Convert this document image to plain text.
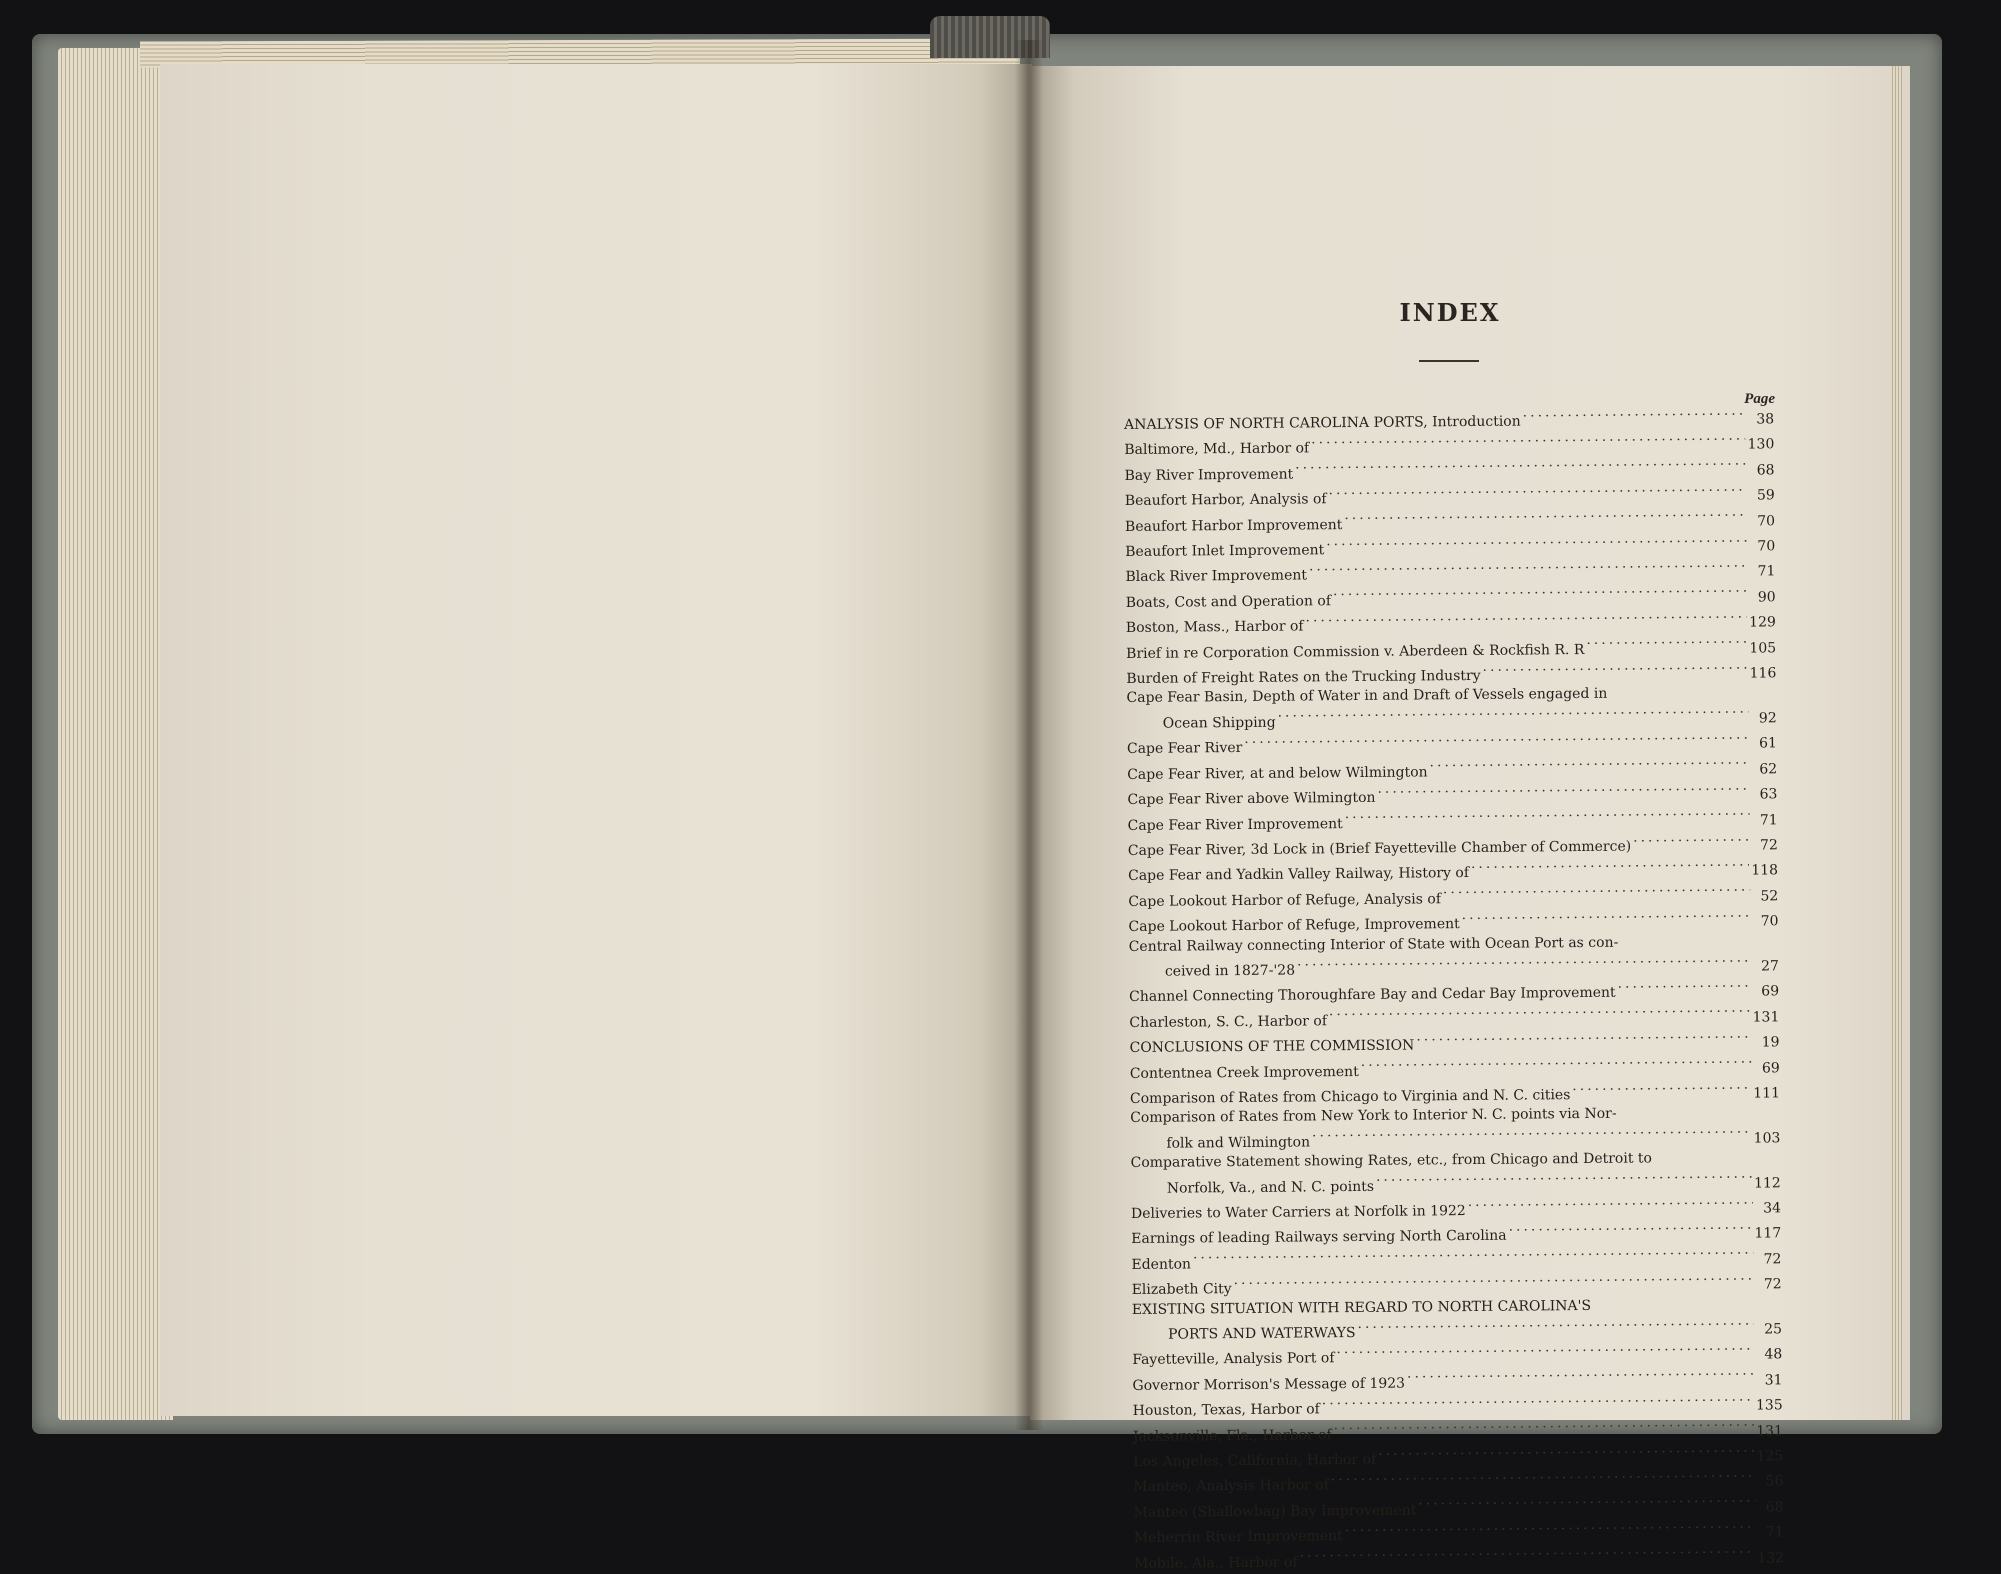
INDEX
Page
ANALYSIS OF NORTH CAROLINA PORTS, Introduction .....	38
Baltimore, Md., Harbor of .....	130
Bay River Improvement .....	68
Beaufort Harbor, Analysis of .....	59
Beaufort Harbor Improvement .....	70
Beaufort Inlet Improvement .....	70
Black River Improvement .....	71
Boats, Cost and Operation of .....	90
Boston, Mass., Harbor of .....	129
Brief in re Corporation Commission v. Aberdeen & Rockfish R. R .....	105
Burden of Freight Rates on the Trucking Industry .....	116
Cape Fear Basin, Depth of Water in and Draft of Vessels engaged in
Ocean Shipping .....	92
Cape Fear River .....	61
Cape Fear River, at and below Wilmington .....	62
Cape Fear River above Wilmington .....	63
Cape Fear River Improvement .....	71
Cape Fear River, 3d Lock in (Brief Fayetteville Chamber of Commerce) .....	72
Cape Fear and Yadkin Valley Railway, History of .....	118
Cape Lookout Harbor of Refuge, Analysis of .....	52
Cape Lookout Harbor of Refuge, Improvement .....	70
Central Railway connecting Interior of State with Ocean Port as con-
ceived in 1827-'28 .....	27
Channel Connecting Thoroughfare Bay and Cedar Bay Improvement .....	69
Charleston, S. C., Harbor of .....	131
CONCLUSIONS OF THE COMMISSION .....	19
Contentnea Creek Improvement .....	69
Comparison of Rates from Chicago to Virginia and N. C. cities .....	111
Comparison of Rates from New York to Interior N. C. points via Nor-
folk and Wilmington .....	103
Comparative Statement showing Rates, etc., from Chicago and Detroit to
Norfolk, Va., and N. C. points .....	112
Deliveries to Water Carriers at Norfolk in 1922 .....	34
Earnings of leading Railways serving North Carolina .....	117
Edenton .....	72
Elizabeth City .....	72
EXISTING SITUATION WITH REGARD TO NORTH CAROLINA'S
PORTS AND WATERWAYS .....	25
Fayetteville, Analysis Port of .....	48
Governor Morrison's Message of 1923 .....	31
Houston, Texas, Harbor of .....	135
Jacksonville, Fla., Harbor of .....	131
Los Angeles, California, Harbor of .....	125
Manteo, Analysis Harbor of .....	56
Manteo (Shallowbag) Bay Improvement .....	68
Meherrin River Improvement .....	71
Mobile, Ala., Harbor of .....	132
